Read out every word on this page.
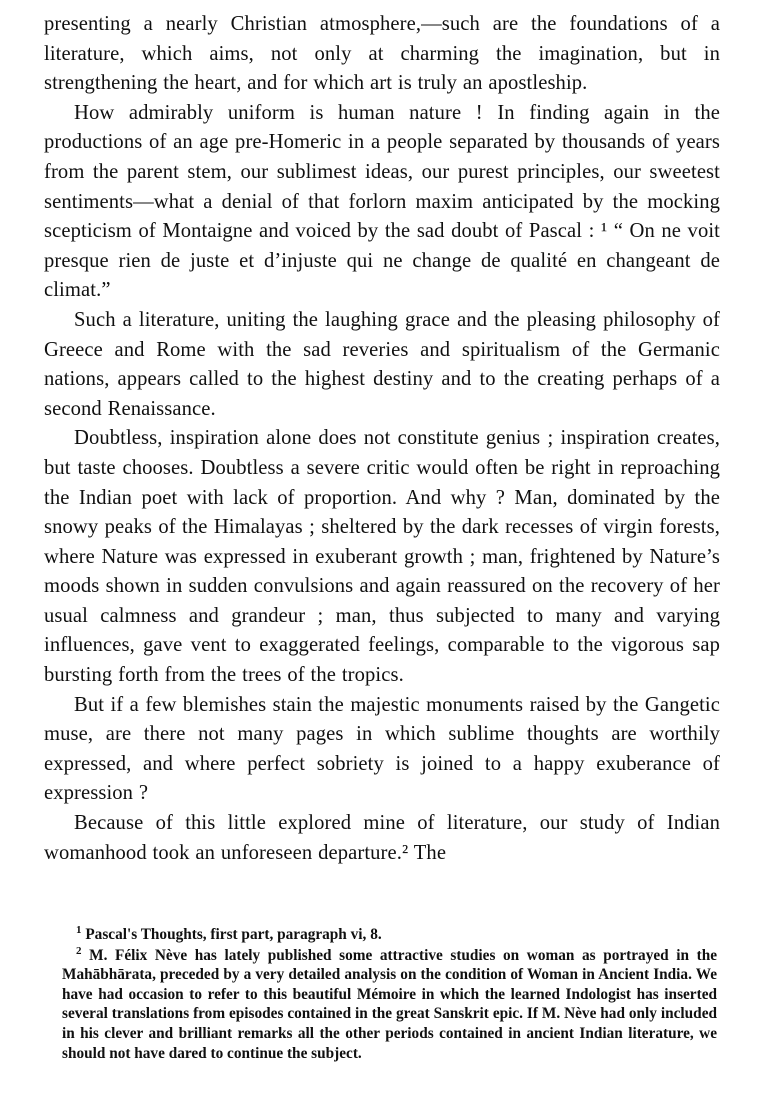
presenting a nearly Christian atmosphere,—such are the foundations of a literature, which aims, not only at charming the imagination, but in strengthening the heart, and for which art is truly an apostleship.

How admirably uniform is human nature ! In finding again in the productions of an age pre-Homeric in a people separated by thousands of years from the parent stem, our sublimest ideas, our purest principles, our sweetest sentiments—what a denial of that forlorn maxim anticipated by the mocking scepticism of Montaigne and voiced by the sad doubt of Pascal : ¹ “ On ne voit presque rien de juste et d’injuste qui ne change de qualité en changeant de climat.”

Such a literature, uniting the laughing grace and the pleasing philosophy of Greece and Rome with the sad reveries and spiritualism of the Germanic nations, appears called to the highest destiny and to the creating perhaps of a second Renaissance.

Doubtless, inspiration alone does not constitute genius ; inspiration creates, but taste chooses. Doubtless a severe critic would often be right in reproaching the Indian poet with lack of proportion. And why ? Man, dominated by the snowy peaks of the Himalayas ; sheltered by the dark recesses of virgin forests, where Nature was expressed in exuberant growth ; man, frightened by Nature’s moods shown in sudden convulsions and again reassured on the recovery of her usual calmness and grandeur ; man, thus subjected to many and varying influences, gave vent to exaggerated feelings, comparable to the vigorous sap bursting forth from the trees of the tropics.

But if a few blemishes stain the majestic monuments raised by the Gangetic muse, are there not many pages in which sublime thoughts are worthily expressed, and where perfect sobriety is joined to a happy exuberance of expression ?

Because of this little explored mine of literature, our study of Indian womanhood took an unforeseen departure.² The

$^1$ Pascal's Thoughts, first part, paragraph vi, 8.

$^2$ M. Félix Nève has lately published some attractive studies on woman as portrayed in the Mahābhārata, preceded by a very detailed analysis on the condition of Woman in Ancient India. We have had occasion to refer to this beautiful Mémoire in which the learned Indologist has inserted several translations from episodes contained in the great Sanskrit epic. If M. Nève had only included in his clever and brilliant remarks all the other periods contained in ancient Indian literature, we should not have dared to continue the subject.
